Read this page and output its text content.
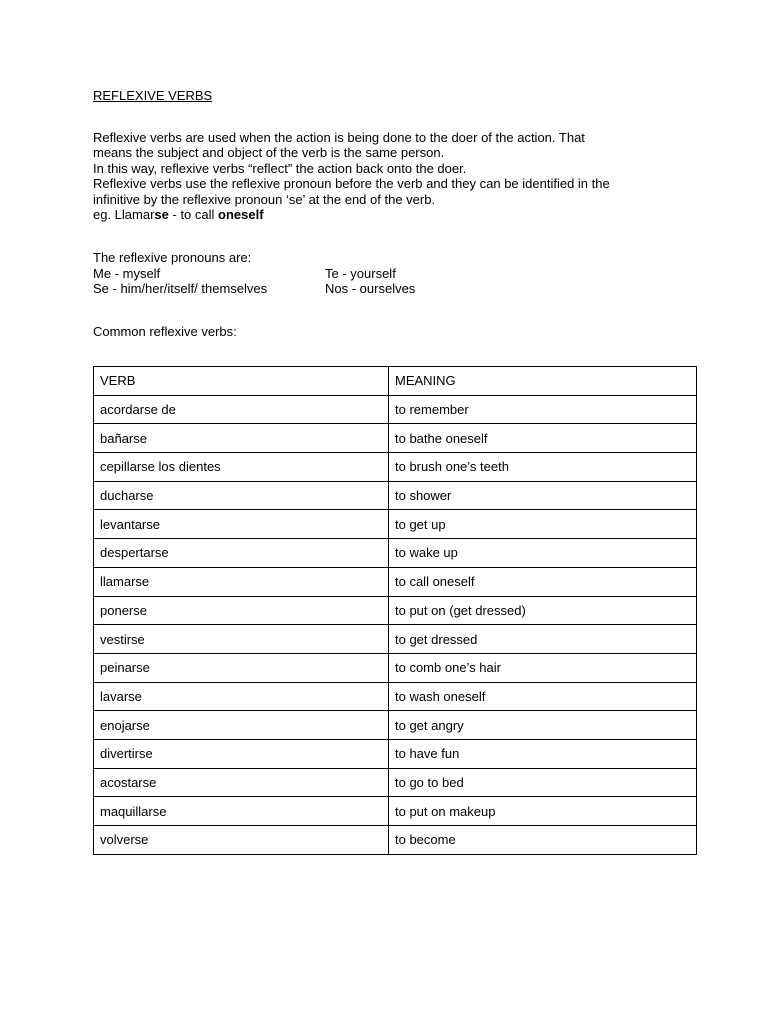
REFLEXIVE VERBS
Reflexive verbs are used when the action is being done to the doer of the action. That
means the subject and object of the verb is the same person.
In this way, reflexive verbs “reflect” the action back onto the doer.
Reflexive verbs use the reflexive pronoun before the verb and they can be identified in the
infinitive by the reflexive pronoun ‘se’ at the end of the verb.
eg. Llamarse - to call oneself
The reflexive pronouns are:
Me - myself	Te - yourself
Se - him/her/itself/ themselves	Nos - ourselves
Common reflexive verbs:
VERB	MEANING
acordarse de	to remember
bañarse	to bathe oneself
cepillarse los dientes	to brush one’s teeth
ducharse	to shower
levantarse	to get up
despertarse	to wake up
llamarse	to call oneself
ponerse	to put on (get dressed)
vestirse	to get dressed
peinarse	to comb one’s hair
lavarse	to wash oneself
enojarse	to get angry
divertirse	to have fun
acostarse	to go to bed
maquillarse	to put on makeup
volverse	to become
